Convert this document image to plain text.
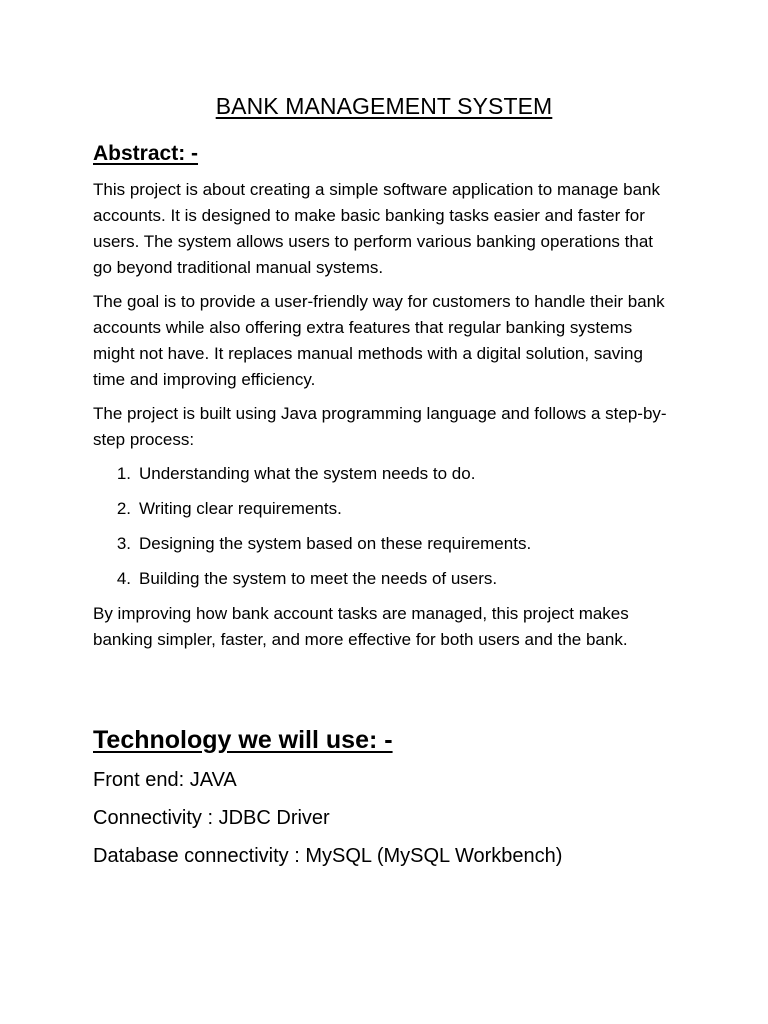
BANK MANAGEMENT SYSTEM
Abstract: -

This project is about creating a simple software application to manage bank accounts. It is designed to make basic banking tasks easier and faster for users. The system allows users to perform various banking operations that go beyond traditional manual systems.

The goal is to provide a user-friendly way for customers to handle their bank accounts while also offering extra features that regular banking systems might not have. It replaces manual methods with a digital solution, saving time and improving efficiency.

The project is built using Java programming language and follows a step-by-step process:

1. Understanding what the system needs to do.
2. Writing clear requirements.
3. Designing the system based on these requirements.
4. Building the system to meet the needs of users.

By improving how bank account tasks are managed, this project makes banking simpler, faster, and more effective for both users and the bank.

Technology we will use: -

Front end: JAVA

Connectivity : JDBC Driver

Database connectivity : MySQL (MySQL Workbench)
